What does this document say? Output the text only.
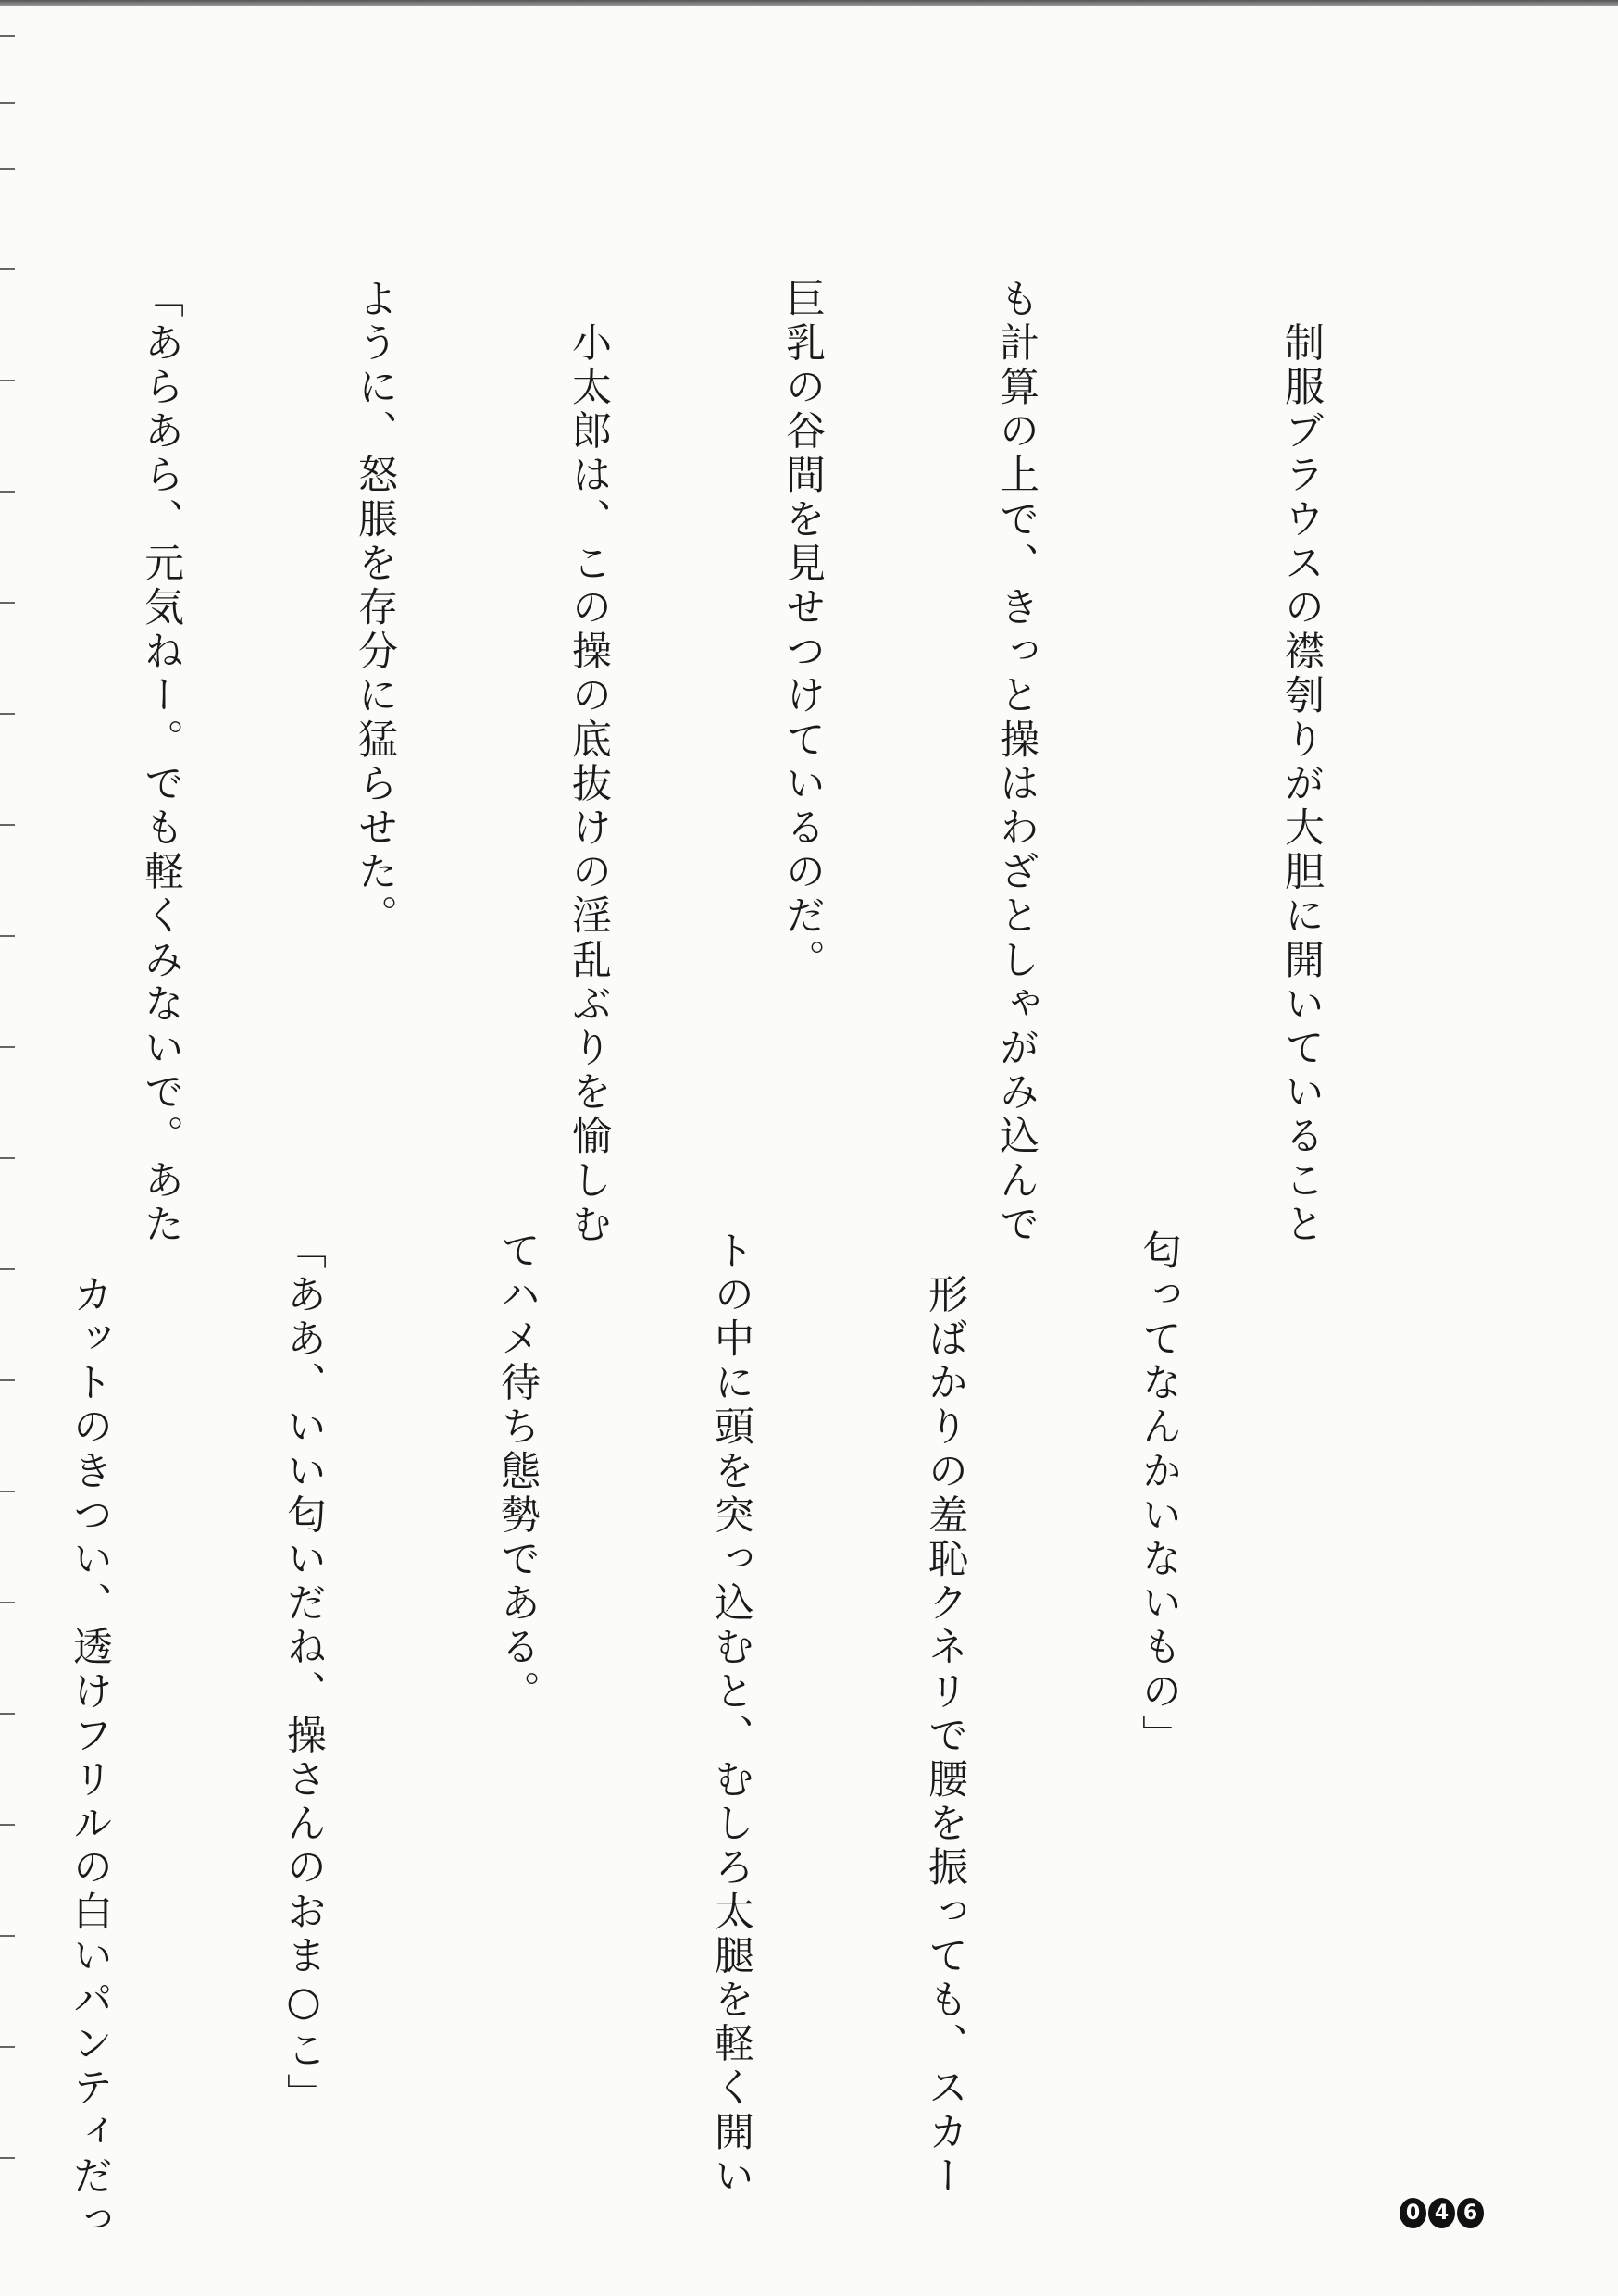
　制服ブラウスの襟刳りが大胆に開いていること

も計算の上で、きっと操はわざとしゃがみ込んで

巨乳の谷間を見せつけているのだ。

　小太郎は、この操の底抜けの淫乱ぶりを愉しむ

ように、怒脹を存分に猛らせた。

「あらあら、元気ねー。でも軽くみないで。あた

匂ってなんかいないもの」

　形ばかりの羞恥クネリで腰を振っても、スカー

トの中に頭を突っ込むと、むしろ太腿を軽く開い

てハメ待ち態勢である。

「ああ、いい匂いだね、操さんのおま○こ」

　カットのきつい、透けフリルの白いパンティだっ

	0 4 6
